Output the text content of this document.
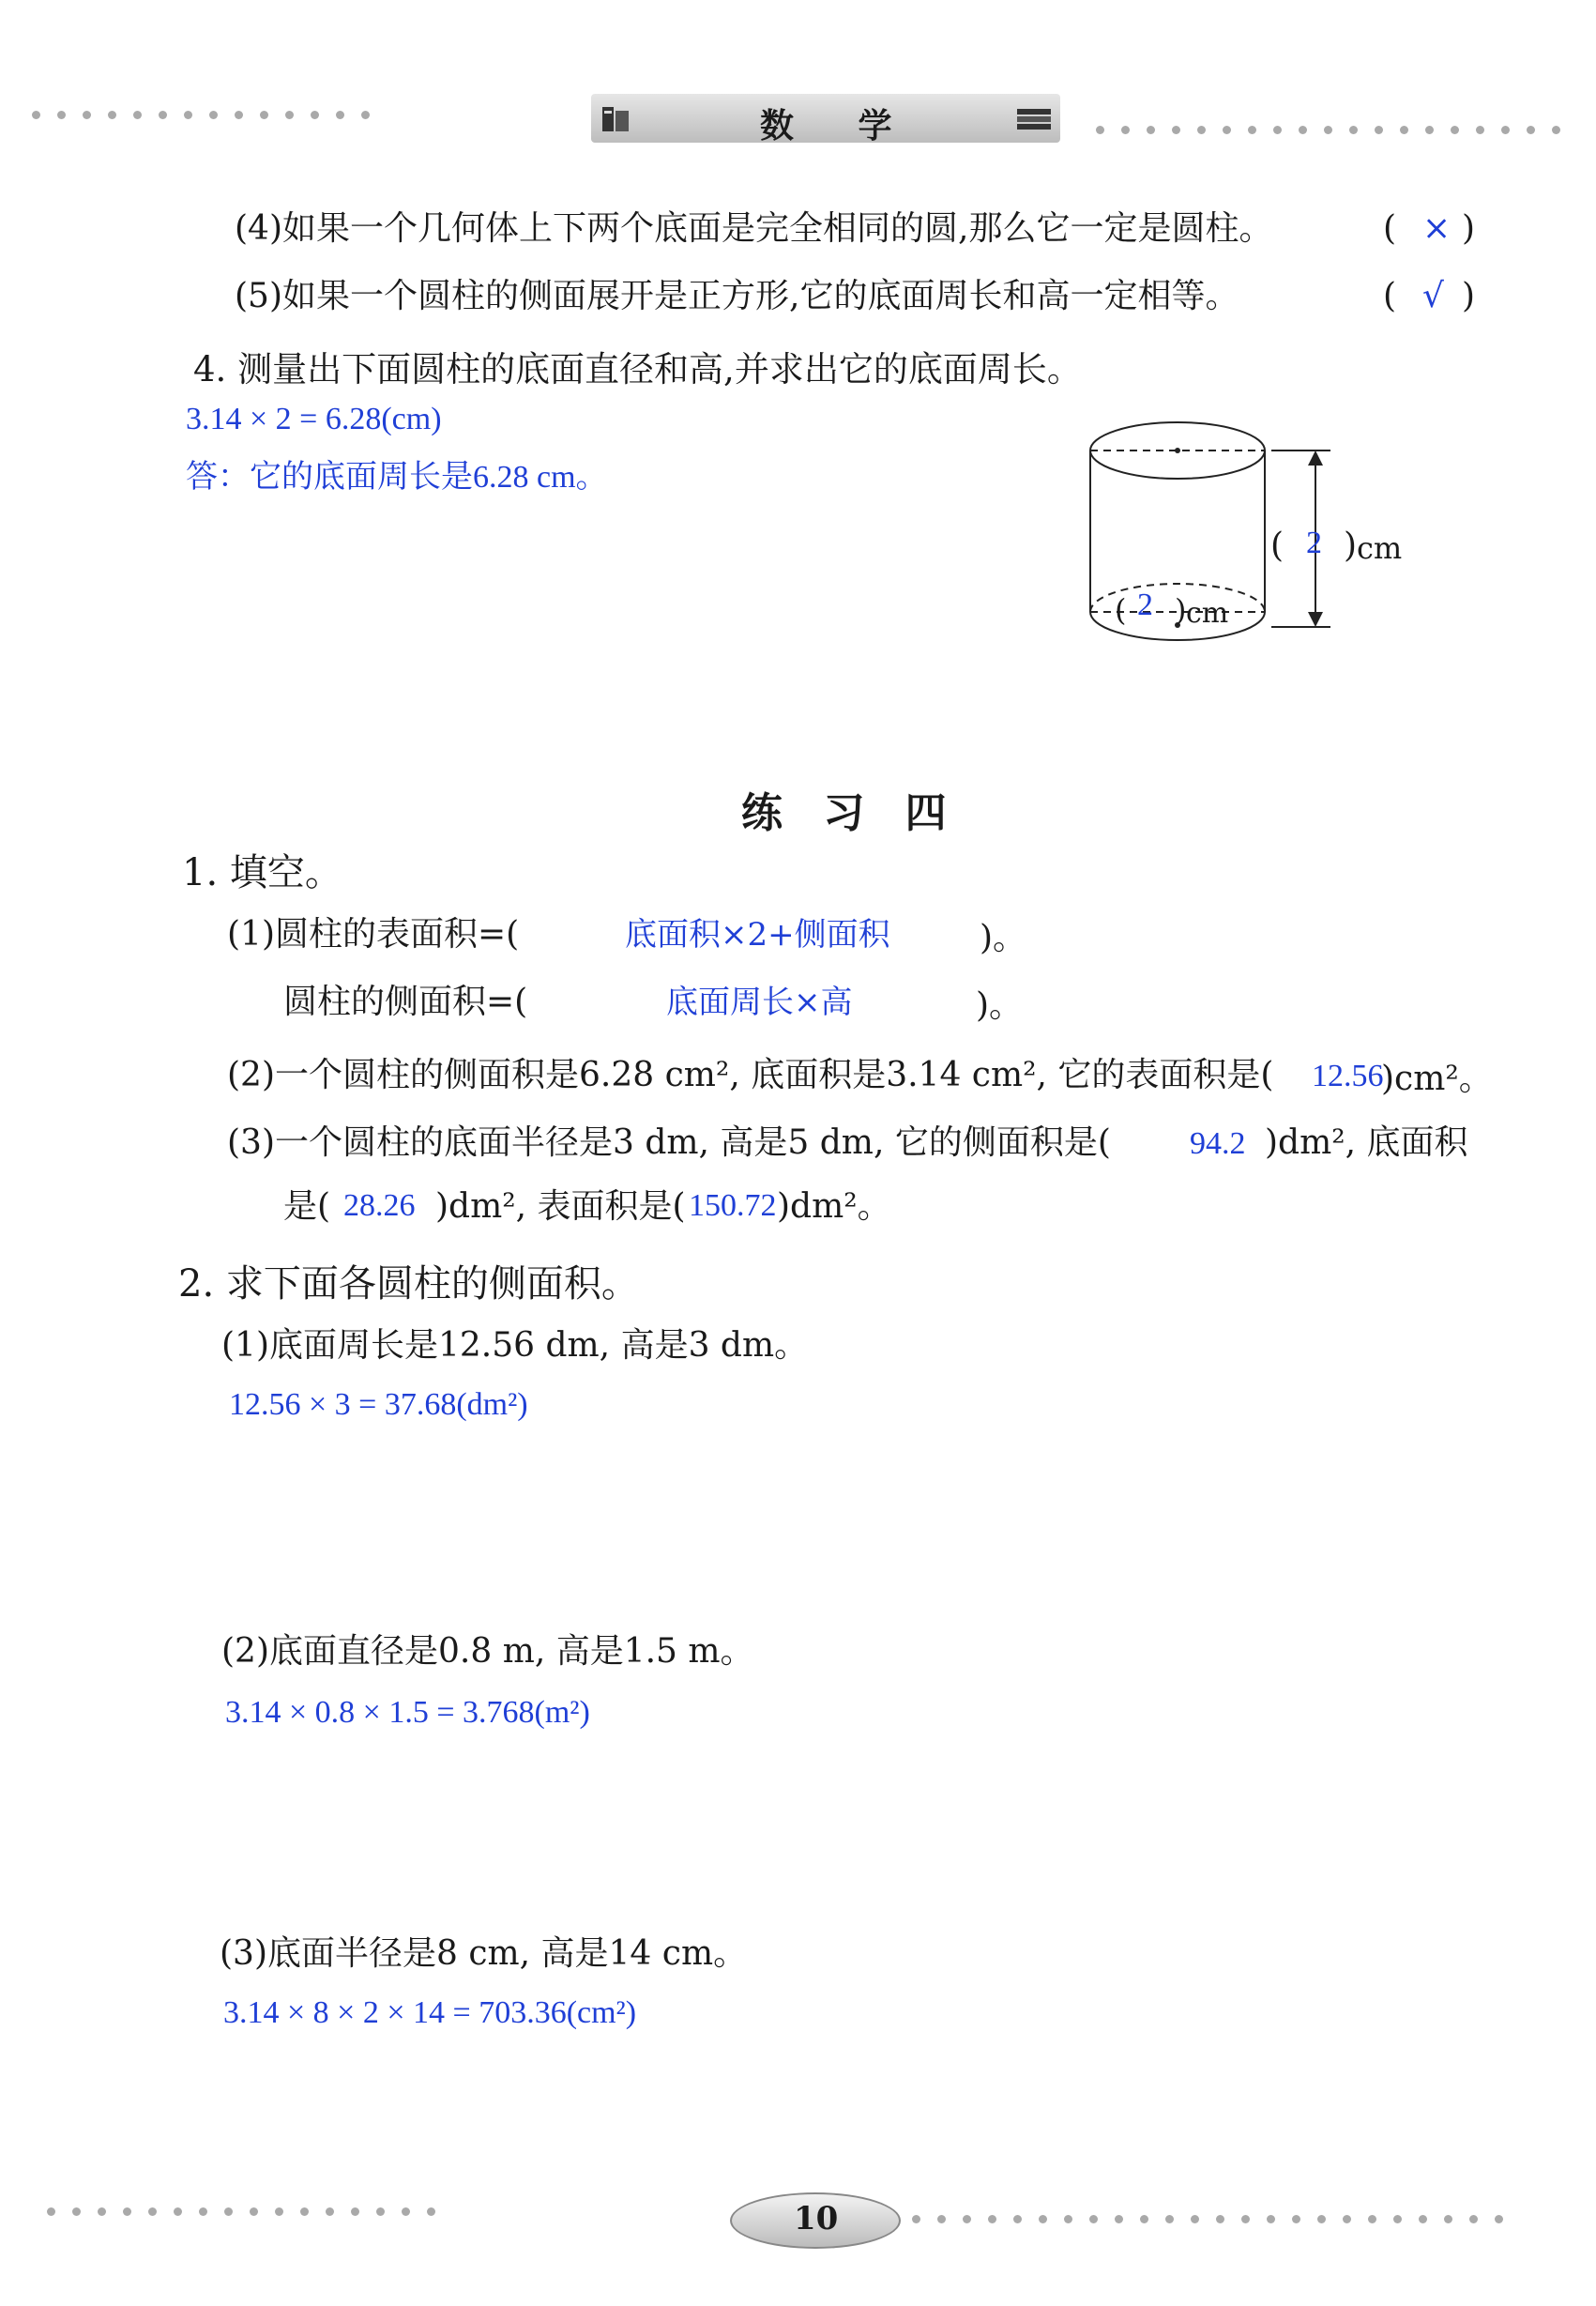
数 学
(4)如果一个几何体上下两个底面是完全相同的圆,那么它一定是圆柱。	( × )
(5)如果一个圆柱的侧面展开是正方形,它的底面周长和高一定相等。	( √ )
4. 测量出下面圆柱的底面直径和高,并求出它的底面周长。
3.14 × 2 = 6.28(cm)
答：它的底面周长是6.28 cm。
( 2 ) cm
( 2 ) cm
练 习 四
1. 填空。
(1)圆柱的表面积=(	底面积×2+侧面积	)。
圆柱的侧面积=(	底面周长×高	)。
(2)一个圆柱的侧面积是6.28 cm², 底面积是3.14 cm², 它的表面积是( 12.56
)cm²。
(3)一个圆柱的底面半径是3 dm, 高是5 dm, 它的侧面积是( 94.2 )dm², 底面积
是( 28.26 )dm², 表面积是( 150.72 )dm²。
2. 求下面各圆柱的侧面积。
(1)底面周长是12.56 dm, 高是3 dm。
12.56 × 3 = 37.68(dm²)
(2)底面直径是0.8 m, 高是1.5 m。
3.14 × 0.8 × 1.5 = 3.768(m²)
(3)底面半径是8 cm, 高是14 cm。
3.14 × 8 × 2 × 14 = 703.36(cm²)
10
